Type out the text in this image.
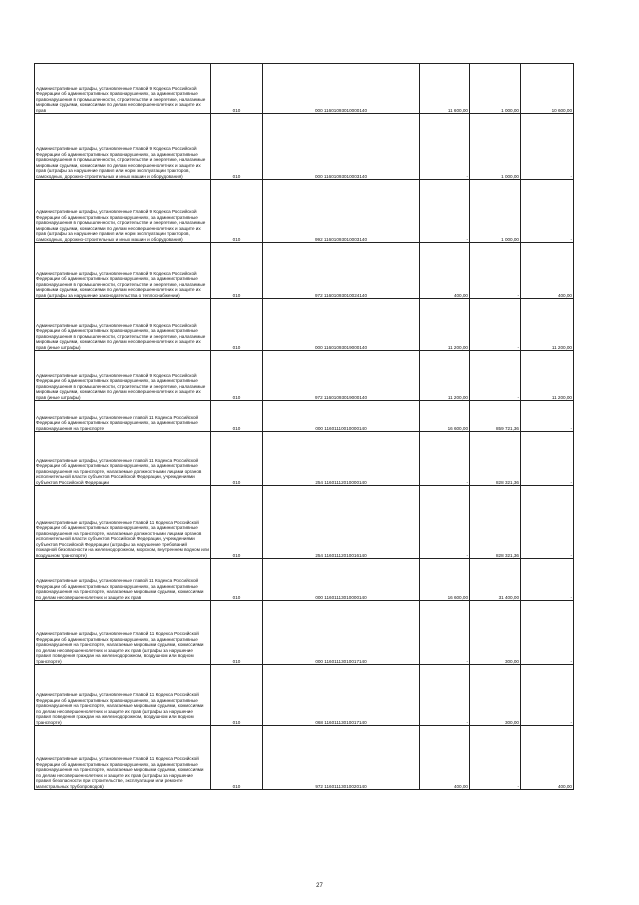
Административные штрафы, установленные Главой 9 Кодекса Российской Федерации об административных правонарушениях, за административные правонарушения в промышленности, строительстве и энергетике, налагаемые мировыми судьями, комиссиями по делам несовершеннолетних и защите их прав	010	000 11601093010000140	11 600,00	1 000,00	10 600,00
Административные штрафы, установленные Главой 9 Кодекса Российской Федерации об административных правонарушениях, за административные правонарушения в промышленности, строительстве и энергетике, налагаемые мировыми судьями, комиссиями по делам несовершеннолетних и защите их прав (штрафы за нарушение правил или норм эксплуатации тракторов, самоходных, дорожно-строительных и иных машин и оборудования)	010	000 11601093010003140	-	1 000,00	-
Административные штрафы, установленные Главой 9 Кодекса Российской Федерации об административных правонарушениях, за административные правонарушения в промышленности, строительстве и энергетике, налагаемые мировыми судьями, комиссиями по делам несовершеннолетних и защите их прав (штрафы за нарушение правил или норм эксплуатации тракторов, самоходных, дорожно-строительных и иных машин и оборудования)	010	992 11601093010003140	-	1 000,00	-
Административные штрафы, установленные Главой 9 Кодекса Российской Федерации об административных правонарушениях, за административные правонарушения в промышленности, строительстве и энергетике, налагаемые мировыми судьями, комиссиями по делам несовершеннолетних и защите их прав (штрафы за нарушение законодательства о теплоснабжении)	010	972 11601093010024140	400,00	-	400,00
Административные штрафы, установленные Главой 9 Кодекса Российской Федерации об административных правонарушениях, за административные правонарушения в промышленности, строительстве и энергетике, налагаемые мировыми судьями, комиссиями по делам несовершеннолетних и защите их прав (иные штрафы)	010	000 11601093019000140	11 200,00	-	11 200,00
Административные штрафы, установленные Главой 9 Кодекса Российской Федерации об административных правонарушениях, за административные правонарушения в промышленности, строительстве и энергетике, налагаемые мировыми судьями, комиссиями по делам несовершеннолетних и защите их прав (иные штрафы)	010	972 11601093019000140	11 200,00	-	11 200,00
Административные штрафы, установленные главой 11 Кодекса Российской Федерации об административных правонарушениях, за административные правонарушения на транспорте	010	000 11601110010000140	16 600,00	859 721,36	-
Административные штрафы, установленные главой 11 Кодекса Российской Федерации об административных правонарушениях, за административные правонарушения на транспорте, налагаемые должностными лицами органов исполнительной власти субъектов Российской Федерации, учреждениями субъектов Российской Федерации	010	254 11601112010000140	-	828 321,36	-
Административные штрафы, установленные Главой 11 Кодекса Российской Федерации об административных правонарушениях, за административные правонарушения на транспорте, налагаемые должностными лицами органов исполнительной власти субъектов Российской Федерации, учреждениями субъектов Российской Федерации (штрафы за нарушение требований пожарной безопасности на железнодорожном, морском, внутреннем водном или воздушном транспорте)	010	254 11601112010016140	-	828 321,36	-
Административные штрафы, установленные главой 11 Кодекса Российской Федерации об административных правонарушениях, за административные правонарушения на транспорте, налагаемые мировыми судьями, комиссиями по делам несовершеннолетних и защите их прав	010	000 11601113010000140	16 600,00	31 400,00	-
Административные штрафы, установленные Главой 11 Кодекса Российской Федерации об административных правонарушениях, за административные правонарушения на транспорте, налагаемые мировыми судьями, комиссиями по делам несовершеннолетних и защите их прав (штрафы за нарушение правил поведения граждан на железнодорожном, воздушном или водном транспорте)	010	000 11601113010017140	-	300,00	-
Административные штрафы, установленные Главой 11 Кодекса Российской Федерации об административных правонарушениях, за административные правонарушения на транспорте, налагаемые мировыми судьями, комиссиями по делам несовершеннолетних и защите их прав (штрафы за нарушение правил поведения граждан на железнодорожном, воздушном или водном транспорте)	010	068 11601113010017140	-	300,00	-
Административные штрафы, установленные Главой 11 Кодекса Российской Федерации об административных правонарушениях, за административные правонарушения на транспорте, налагаемые мировыми судьями, комиссиями по делам несовершеннолетних и защите их прав (штрафы за нарушение правил безопасности при строительстве, эксплуатации или ремонте магистральных трубопроводов)	010	972 11601113010020140	400,00	-	400,00
27
